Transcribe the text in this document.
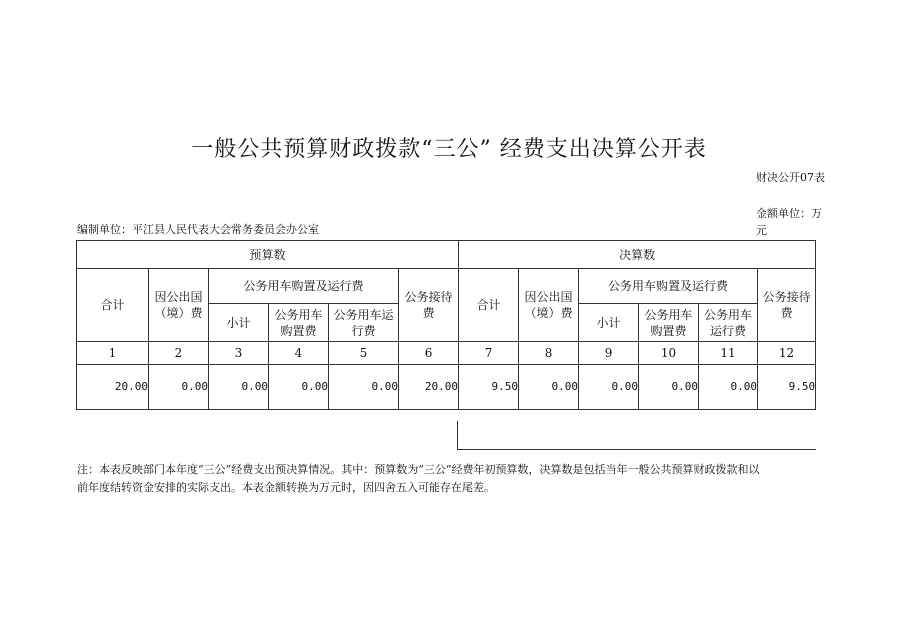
一般公共预算财政拨款“三公” 经费支出决算公开表
财决公开07表
金额单位：万元
编制单位：平江县人民代表大会常务委员会办公室
预算数						决算数					
合计	因公出国（境）费	公务用车购置及运行费			公务接待费	合计	因公出国（境）费	公务用车购置及运行费			公务接待费
		小计	公务用车购置费	公务用车运行费				小计	公务用车购置费	公务用车运行费	
1	2	3	4	5	6	7	8	9	10	11	12
20.00	0.00	0.00	0.00	0.00	20.00	9.50	0.00	0.00	0.00	0.00	9.50

注：本表反映部门本年度“三公”经费支出预决算情况。其中：预算数为“三公”经费年初预算数，决算数是包括当年一般公共预算财政拨款和以前年度结转资金安排的实际支出。本表金额转换为万元时，因四舍五入可能存在尾差。
